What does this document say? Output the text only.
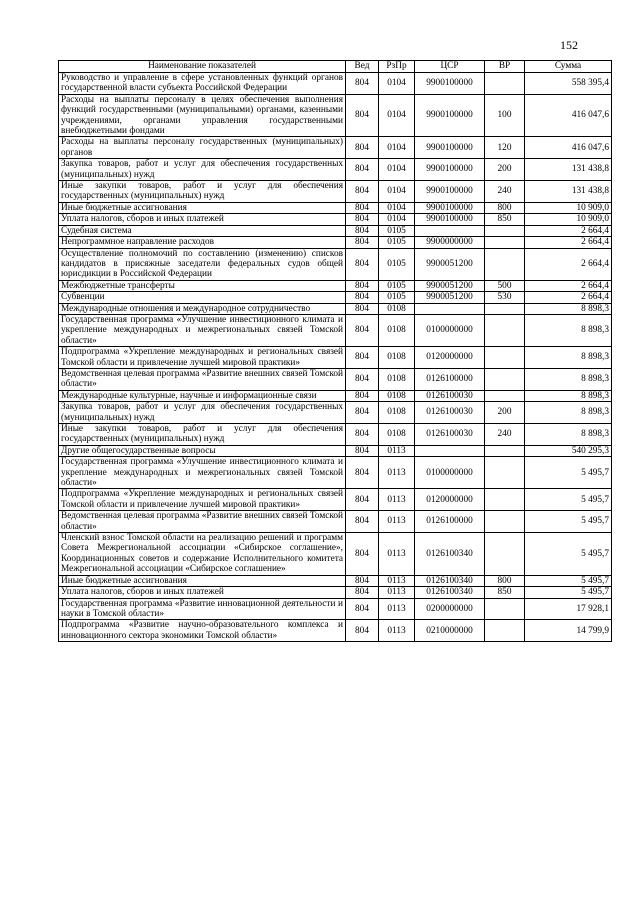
152
Наименование показателей	Вед	РзПр	ЦСР	ВР	Сумма
Руководство и управление в сфере установленных функций органов государственной власти субъекта Российской Федерации	804	0104	9900100000		558 395,4
Расходы на выплаты персоналу в целях обеспечения выполнения функций государственными (муниципальными) органами, казенными учреждениями, органами управления государственными внебюджетными фондами	804	0104	9900100000	100	416 047,6
Расходы на выплаты персоналу государственных (муниципальных) органов	804	0104	9900100000	120	416 047,6
Закупка товаров, работ и услуг для обеспечения государственных (муниципальных) нужд	804	0104	9900100000	200	131 438,8
Иные закупки товаров, работ и услуг для обеспечения государственных (муниципальных) нужд	804	0104	9900100000	240	131 438,8
Иные бюджетные ассигнования	804	0104	9900100000	800	10 909,0
Уплата налогов, сборов и иных платежей	804	0104	9900100000	850	10 909,0
Судебная система	804	0105			2 664,4
Непрограммное направление расходов	804	0105	9900000000		2 664,4
Осуществление полномочий по составлению (изменению) списков кандидатов в присяжные заседатели федеральных судов общей юрисдикции в Российской Федерации	804	0105	9900051200		2 664,4
Межбюджетные трансферты	804	0105	9900051200	500	2 664,4
Субвенции	804	0105	9900051200	530	2 664,4
Международные отношения и международное сотрудничество	804	0108			8 898,3
Государственная программа «Улучшение инвестиционного климата и укрепление международных и межрегиональных связей Томской области»	804	0108	0100000000		8 898,3
Подпрограмма «Укрепление международных и региональных связей Томской области и привлечение лучшей мировой практики»	804	0108	0120000000		8 898,3
Ведомственная целевая программа «Развитие внешних связей Томской области»	804	0108	0126100000		8 898,3
Международные культурные, научные и информационные связи	804	0108	0126100030		8 898,3
Закупка товаров, работ и услуг для обеспечения государственных (муниципальных) нужд	804	0108	0126100030	200	8 898,3
Иные закупки товаров, работ и услуг для обеспечения государственных (муниципальных) нужд	804	0108	0126100030	240	8 898,3
Другие общегосударственные вопросы	804	0113			540 295,3
Государственная программа «Улучшение инвестиционного климата и укрепление международных и межрегиональных связей Томской области»	804	0113	0100000000		5 495,7
Подпрограмма «Укрепление международных и региональных связей Томской области и привлечение лучшей мировой практики»	804	0113	0120000000		5 495,7
Ведомственная целевая программа «Развитие внешних связей Томской области»	804	0113	0126100000		5 495,7
Членский взнос Томской области на реализацию решений и программ Совета Межрегиональной ассоциации «Сибирское соглашение», Координационных советов и содержание Исполнительного комитета Межрегиональной ассоциации «Сибирское соглашение»	804	0113	0126100340		5 495,7
Иные бюджетные ассигнования	804	0113	0126100340	800	5 495,7
Уплата налогов, сборов и иных платежей	804	0113	0126100340	850	5 495,7
Государственная программа «Развитие инновационной деятельности и науки в Томской области»	804	0113	0200000000		17 928,1
Подпрограмма «Развитие научно-образовательного комплекса и инновационного сектора экономики Томской области»	804	0113	0210000000		14 799,9
